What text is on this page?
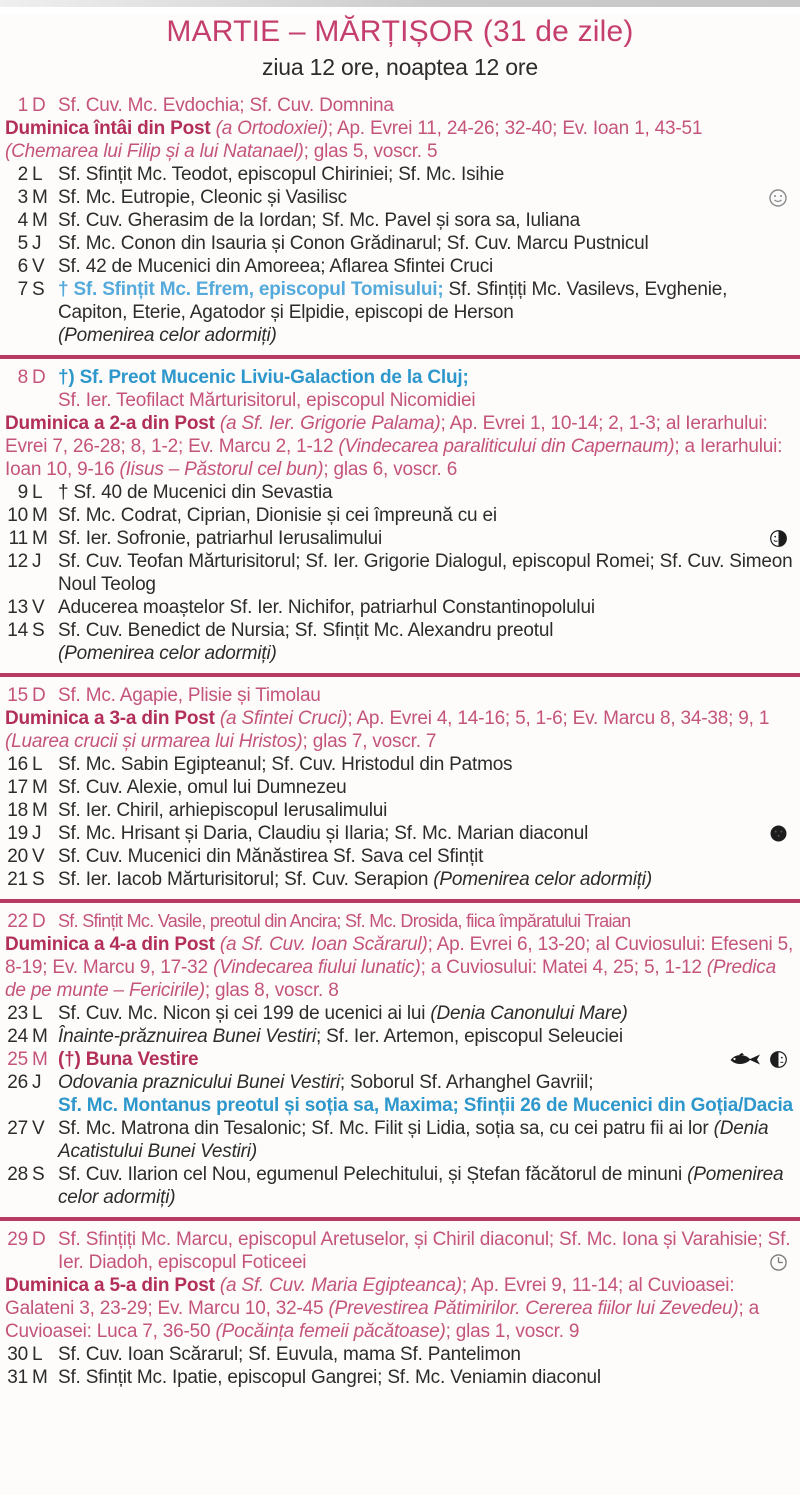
MARTIE – MĂRȚIȘOR (31 de zile)
ziua 12 ore, noaptea 12 ore
1 D Sf. Cuv. Mc. Evdochia; Sf. Cuv. Domnina
Duminica întâi din Post (a Ortodoxiei); Ap. Evrei 11, 24-26; 32-40; Ev. Ioan 1, 43-51 (Chemarea lui Filip și a lui Natanael); glas 5, voscr. 5
2 L Sf. Sfințit Mc. Teodot, episcopul Chiriniei; Sf. Mc. Isihie
3 M Sf. Mc. Eutropie, Cleonic și Vasilisc
4 M Sf. Cuv. Gherasim de la Iordan; Sf. Mc. Pavel și sora sa, Iuliana
5 J Sf. Mc. Conon din Isauria și Conon Grădinarul; Sf. Cuv. Marcu Pustnicul
6 V Sf. 42 de Mucenici din Amoreea; Aflarea Sfintei Cruci
7 S † Sf. Sfințit Mc. Efrem, episcopul Tomisului; Sf. Sfințiți Mc. Vasilevs, Evghenie, Capiton, Eterie, Agatodor și Elpidie, episcopi de Herson
(Pomenirea celor adormiți)
8 D †) Sf. Preot Mucenic Liviu-Galaction de la Cluj;
Sf. Ier. Teofilact Mărturisitorul, episcopul Nicomidiei
Duminica a 2-a din Post (a Sf. Ier. Grigorie Palama); Ap. Evrei 1, 10-14; 2, 1-3; al Ierarhului: Evrei 7, 26-28; 8, 1-2; Ev. Marcu 2, 1-12 (Vindecarea paraliticului din Capernaum); a Ierarhului: Ioan 10, 9-16 (Iisus – Păstorul cel bun); glas 6, voscr. 6
9 L † Sf. 40 de Mucenici din Sevastia
10 M Sf. Mc. Codrat, Ciprian, Dionisie și cei împreună cu ei
11 M Sf. Ier. Sofronie, patriarhul Ierusalimului
12 J Sf. Cuv. Teofan Mărturisitorul; Sf. Ier. Grigorie Dialogul, episcopul Romei; Sf. Cuv. Simeon Noul Teolog
13 V Aducerea moaștelor Sf. Ier. Nichifor, patriarhul Constantinopolului
14 S Sf. Cuv. Benedict de Nursia; Sf. Sfințit Mc. Alexandru preotul
(Pomenirea celor adormiți)
15 D Sf. Mc. Agapie, Plisie și Timolau
Duminica a 3-a din Post (a Sfintei Cruci); Ap. Evrei 4, 14-16; 5, 1-6; Ev. Marcu 8, 34-38; 9, 1 (Luarea crucii și urmarea lui Hristos); glas 7, voscr. 7
16 L Sf. Mc. Sabin Egipteanul; Sf. Cuv. Hristodul din Patmos
17 M Sf. Cuv. Alexie, omul lui Dumnezeu
18 M Sf. Ier. Chiril, arhiepiscopul Ierusalimului
19 J Sf. Mc. Hrisant și Daria, Claudiu și Ilaria; Sf. Mc. Marian diaconul
20 V Sf. Cuv. Mucenici din Mănăstirea Sf. Sava cel Sfințit
21 S Sf. Ier. Iacob Mărturisitorul; Sf. Cuv. Serapion (Pomenirea celor adormiți)
22 D Sf. Sfințit Mc. Vasile, preotul din Ancira; Sf. Mc. Drosida, fiica împăratului Traian
Duminica a 4-a din Post (a Sf. Cuv. Ioan Scărarul); Ap. Evrei 6, 13-20; al Cuviosului: Efeseni 5, 8-19; Ev. Marcu 9, 17-32 (Vindecarea fiului lunatic); a Cuviosului: Matei 4, 25; 5, 1-12 (Predica de pe munte – Fericirile); glas 8, voscr. 8
23 L Sf. Cuv. Mc. Nicon și cei 199 de ucenici ai lui (Denia Canonului Mare)
24 M Înainte-prăznuirea Bunei Vestiri; Sf. Ier. Artemon, episcopul Seleuciei
25 M (†) Buna Vestire
26 J Odovania praznicului Bunei Vestiri; Soborul Sf. Arhanghel Gavriil;
Sf. Mc. Montanus preotul și soția sa, Maxima; Sfinții 26 de Mucenici din Goția/Dacia
27 V Sf. Mc. Matrona din Tesalonic; Sf. Mc. Filit și Lidia, soția sa, cu cei patru fii ai lor (Denia Acatistului Bunei Vestiri)
28 S Sf. Cuv. Ilarion cel Nou, egumenul Pelechitului, și Ștefan făcătorul de minuni (Pomenirea celor adormiți)
29 D Sf. Sfințiți Mc. Marcu, episcopul Aretuselor, și Chiril diaconul; Sf. Mc. Iona și Varahisie; Sf. Ier. Diadoh, episcopul Foticeei
Duminica a 5-a din Post (a Sf. Cuv. Maria Egipteanca); Ap. Evrei 9, 11-14; al Cuvioasei: Galateni 3, 23-29; Ev. Marcu 10, 32-45 (Prevestirea Pătimirilor. Cererea fiilor lui Zevedeu); a Cuvioasei: Luca 7, 36-50 (Pocăința femeii păcătoase); glas 1, voscr. 9
30 L Sf. Cuv. Ioan Scărarul; Sf. Euvula, mama Sf. Pantelimon
31 M Sf. Sfințit Mc. Ipatie, episcopul Gangrei; Sf. Mc. Veniamin diaconul
